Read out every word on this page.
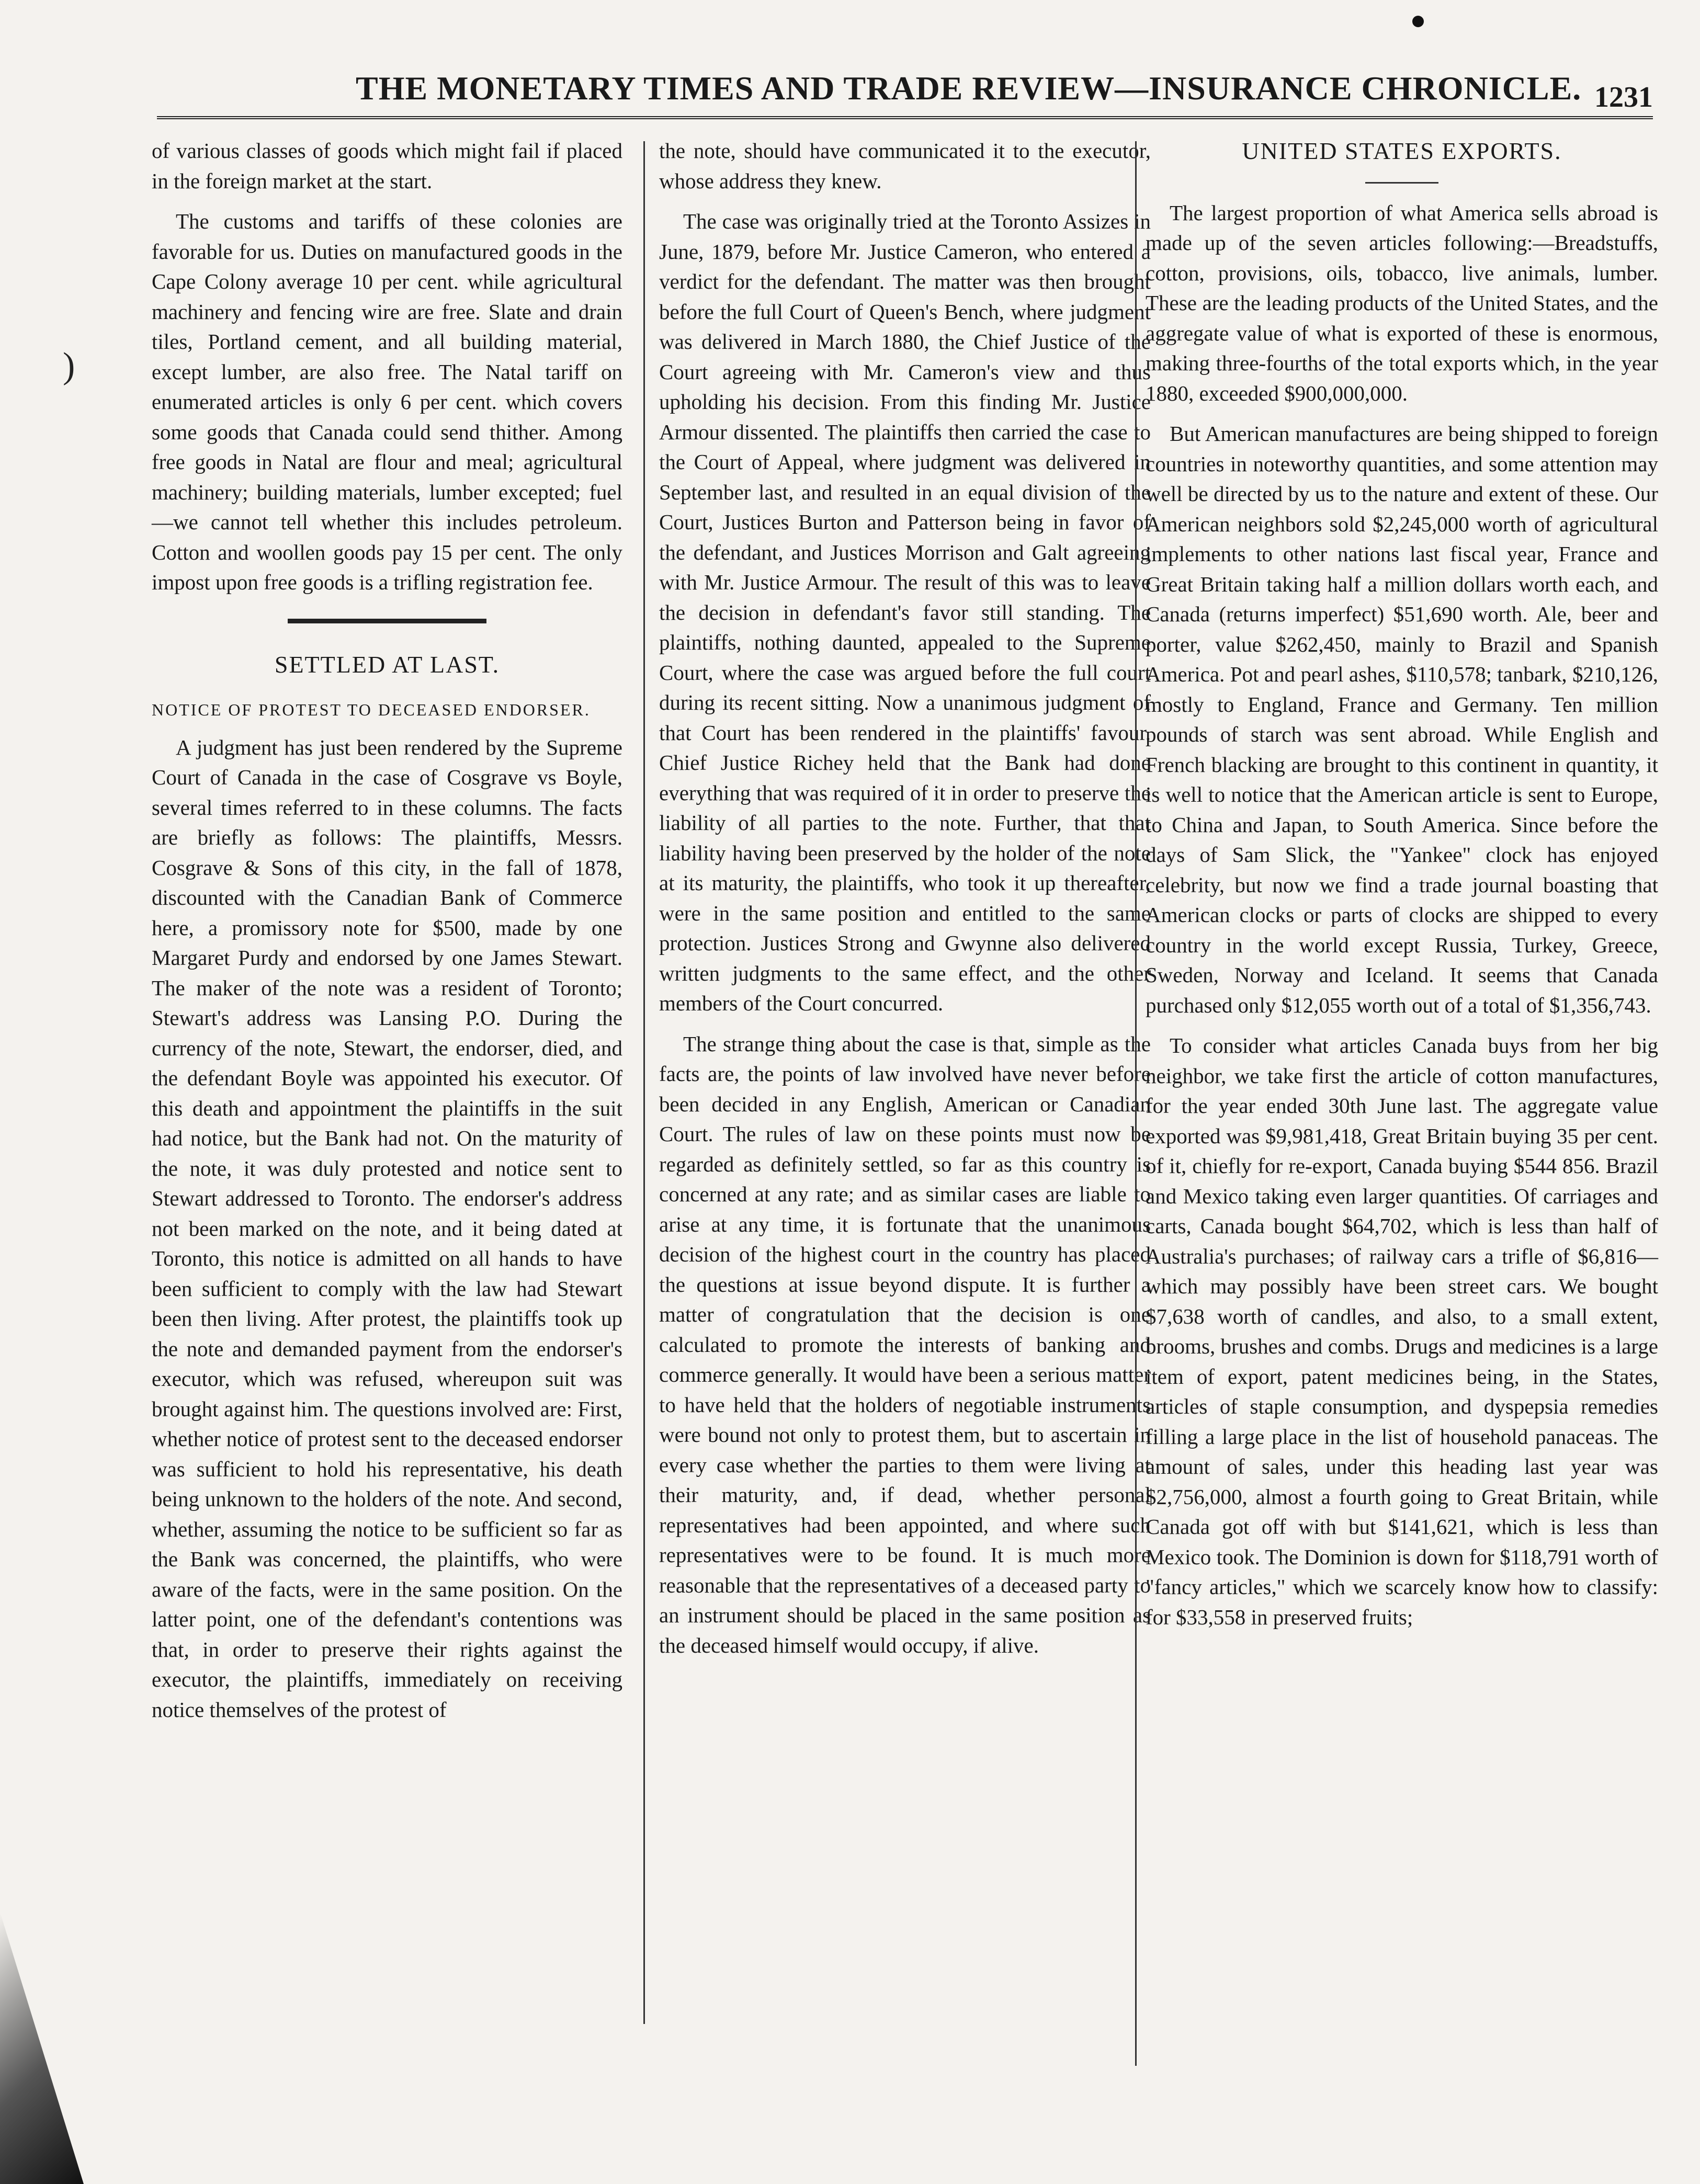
THE MONETARY TIMES AND TRADE REVIEW—INSURANCE CHRONICLE. 1231
)

of various classes of goods which might fail if placed in the foreign market at the start.

The customs and tariffs of these colonies are favorable for us. Duties on manufactured goods in the Cape Colony average 10 per cent. while agricultural machinery and fencing wire are free. Slate and drain tiles, Portland cement, and all building material, except lumber, are also free. The Natal tariff on enumerated articles is only 6 per cent. which covers some goods that Canada could send thither. Among free goods in Natal are flour and meal; agricultural machinery; building materials, lumber excepted; fuel—we cannot tell whether this includes petroleum. Cotton and woollen goods pay 15 per cent. The only impost upon free goods is a trifling registration fee.

SETTLED AT LAST.
NOTICE OF PROTEST TO DECEASED ENDORSER.

A judgment has just been rendered by the Supreme Court of Canada in the case of Cosgrave vs Boyle, several times referred to in these columns. The facts are briefly as follows: The plaintiffs, Messrs. Cosgrave & Sons of this city, in the fall of 1878, discounted with the Canadian Bank of Commerce here, a promissory note for $500, made by one Margaret Purdy and endorsed by one James Stewart. The maker of the note was a resident of Toronto; Stewart's address was Lansing P.O. During the currency of the note, Stewart, the endorser, died, and the defendant Boyle was appointed his executor. Of this death and appointment the plaintiffs in the suit had notice, but the Bank had not. On the maturity of the note, it was duly protested and notice sent to Stewart addressed to Toronto. The endorser's address not been marked on the note, and it being dated at Toronto, this notice is admitted on all hands to have been sufficient to comply with the law had Stewart been then living. After protest, the plaintiffs took up the note and demanded payment from the endorser's executor, which was refused, whereupon suit was brought against him. The questions involved are: First, whether notice of protest sent to the deceased endorser was sufficient to hold his representative, his death being unknown to the holders of the note. And second, whether, assuming the notice to be sufficient so far as the Bank was concerned, the plaintiffs, who were aware of the facts, were in the same position. On the latter point, one of the defendant's contentions was that, in order to preserve their rights against the executor, the plaintiffs, immediately on receiving notice themselves of the protest of

the note, should have communicated it to the executor, whose address they knew.

The case was originally tried at the Toronto Assizes in June, 1879, before Mr. Justice Cameron, who entered a verdict for the defendant. The matter was then brought before the full Court of Queen's Bench, where judgment was delivered in March 1880, the Chief Justice of the Court agreeing with Mr. Cameron's view and thus upholding his decision. From this finding Mr. Justice Armour dissented. The plaintiffs then carried the case to the Court of Appeal, where judgment was delivered in September last, and resulted in an equal division of the Court, Justices Burton and Patterson being in favor of the defendant, and Justices Morrison and Galt agreeing with Mr. Justice Armour. The result of this was to leave the decision in defendant's favor still standing. The plaintiffs, nothing daunted, appealed to the Supreme Court, where the case was argued before the full court during its recent sitting. Now a unanimous judgment of that Court has been rendered in the plaintiffs' favour. Chief Justice Richey held that the Bank had done everything that was required of it in order to preserve the liability of all parties to the note. Further, that that liability having been preserved by the holder of the note at its maturity, the plaintiffs, who took it up thereafter, were in the same position and entitled to the same protection. Justices Strong and Gwynne also delivered written judgments to the same effect, and the other members of the Court concurred.

The strange thing about the case is that, simple as the facts are, the points of law involved have never before been decided in any English, American or Canadian Court. The rules of law on these points must now be regarded as definitely settled, so far as this country is concerned at any rate; and as similar cases are liable to arise at any time, it is fortunate that the unanimous decision of the highest court in the country has placed the questions at issue beyond dispute. It is further a matter of congratulation that the decision is one calculated to promote the interests of banking and commerce generally. It would have been a serious matter to have held that the holders of negotiable instruments were bound not only to protest them, but to ascertain in every case whether the parties to them were living at their maturity, and, if dead, whether personal representatives had been appointed, and where such representatives were to be found. It is much more reasonable that the representatives of a deceased party to an instrument should be placed in the same position as the deceased himself would occupy, if alive.

UNITED STATES EXPORTS.

The largest proportion of what America sells abroad is made up of the seven articles following:—Breadstuffs, cotton, provisions, oils, tobacco, live animals, lumber. These are the leading products of the United States, and the aggregate value of what is exported of these is enormous, making three-fourths of the total exports which, in the year 1880, exceeded $900,000,000.

But American manufactures are being shipped to foreign countries in noteworthy quantities, and some attention may well be directed by us to the nature and extent of these. Our American neighbors sold $2,245,000 worth of agricultural implements to other nations last fiscal year, France and Great Britain taking half a million dollars worth each, and Canada (returns imperfect) $51,690 worth. Ale, beer and porter, value $262,450, mainly to Brazil and Spanish America. Pot and pearl ashes, $110,578; tanbark, $210,126, mostly to England, France and Germany. Ten million pounds of starch was sent abroad. While English and French blacking are brought to this continent in quantity, it is well to notice that the American article is sent to Europe, to China and Japan, to South America. Since before the days of Sam Slick, the "Yankee" clock has enjoyed celebrity, but now we find a trade journal boasting that American clocks or parts of clocks are shipped to every country in the world except Russia, Turkey, Greece, Sweden, Norway and Iceland. It seems that Canada purchased only $12,055 worth out of a total of $1,356,743.

To consider what articles Canada buys from her big neighbor, we take first the article of cotton manufactures, for the year ended 30th June last. The aggregate value exported was $9,981,418, Great Britain buying 35 per cent. of it, chiefly for re-export, Canada buying $544 856. Brazil and Mexico taking even larger quantities. Of carriages and carts, Canada bought $64,702, which is less than half of Australia's purchases; of railway cars a trifle of $6,816—which may possibly have been street cars. We bought $7,638 worth of candles, and also, to a small extent, brooms, brushes and combs. Drugs and medicines is a large item of export, patent medicines being, in the States, articles of staple consumption, and dyspepsia remedies filling a large place in the list of household panaceas. The amount of sales, under this heading last year was $2,756,000, almost a fourth going to Great Britain, while Canada got off with but $141,621, which is less than Mexico took. The Dominion is down for $118,791 worth of "fancy articles," which we scarcely know how to classify: for $33,558 in preserved fruits;
